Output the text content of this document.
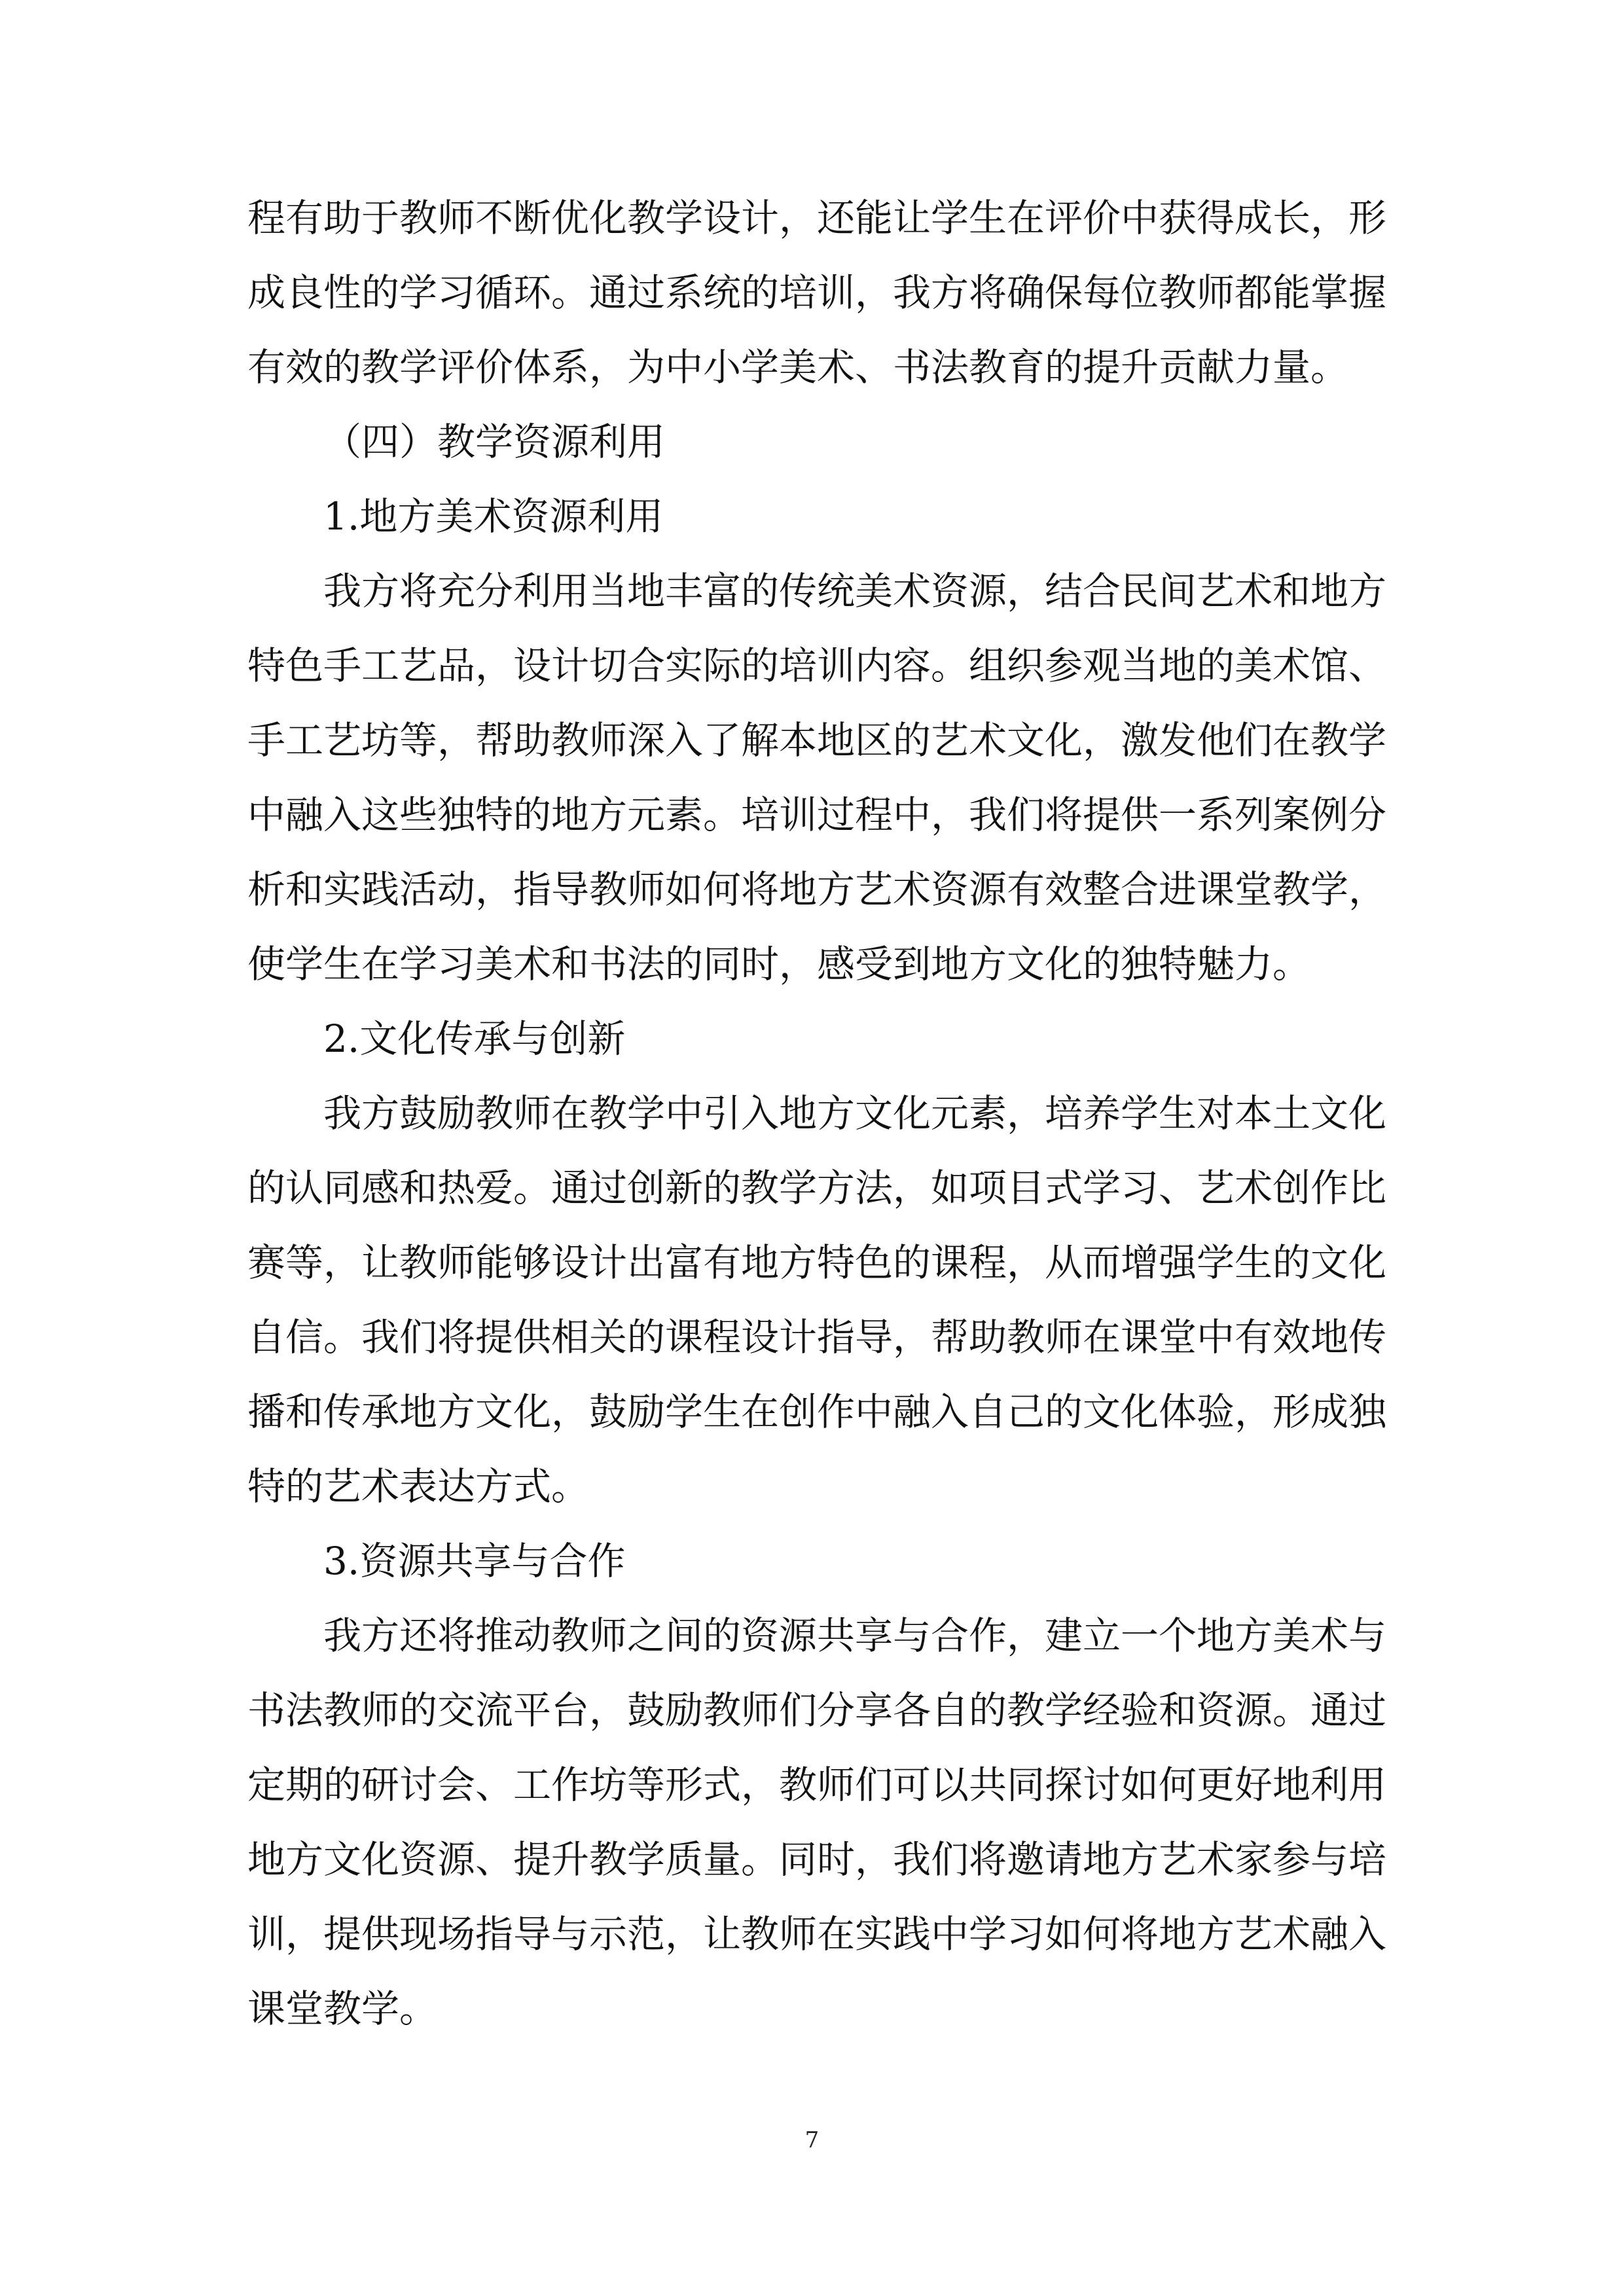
程有助于教师不断优化教学设计，还能让学生在评价中获得成长，形
成良性的学习循环。通过系统的培训，我方将确保每位教师都能掌握
有效的教学评价体系，为中小学美术、书法教育的提升贡献力量。
（四）教学资源利用
1.地方美术资源利用
我方将充分利用当地丰富的传统美术资源，结合民间艺术和地方
特色手工艺品，设计切合实际的培训内容。组织参观当地的美术馆、
手工艺坊等，帮助教师深入了解本地区的艺术文化，激发他们在教学
中融入这些独特的地方元素。培训过程中，我们将提供一系列案例分
析和实践活动，指导教师如何将地方艺术资源有效整合进课堂教学，
使学生在学习美术和书法的同时，感受到地方文化的独特魅力。
2.文化传承与创新
我方鼓励教师在教学中引入地方文化元素，培养学生对本土文化
的认同感和热爱。通过创新的教学方法，如项目式学习、艺术创作比
赛等，让教师能够设计出富有地方特色的课程，从而增强学生的文化
自信。我们将提供相关的课程设计指导，帮助教师在课堂中有效地传
播和传承地方文化，鼓励学生在创作中融入自己的文化体验，形成独
特的艺术表达方式。
3.资源共享与合作
我方还将推动教师之间的资源共享与合作，建立一个地方美术与
书法教师的交流平台，鼓励教师们分享各自的教学经验和资源。通过
定期的研讨会、工作坊等形式，教师们可以共同探讨如何更好地利用
地方文化资源、提升教学质量。同时，我们将邀请地方艺术家参与培
训，提供现场指导与示范，让教师在实践中学习如何将地方艺术融入
课堂教学。
7
